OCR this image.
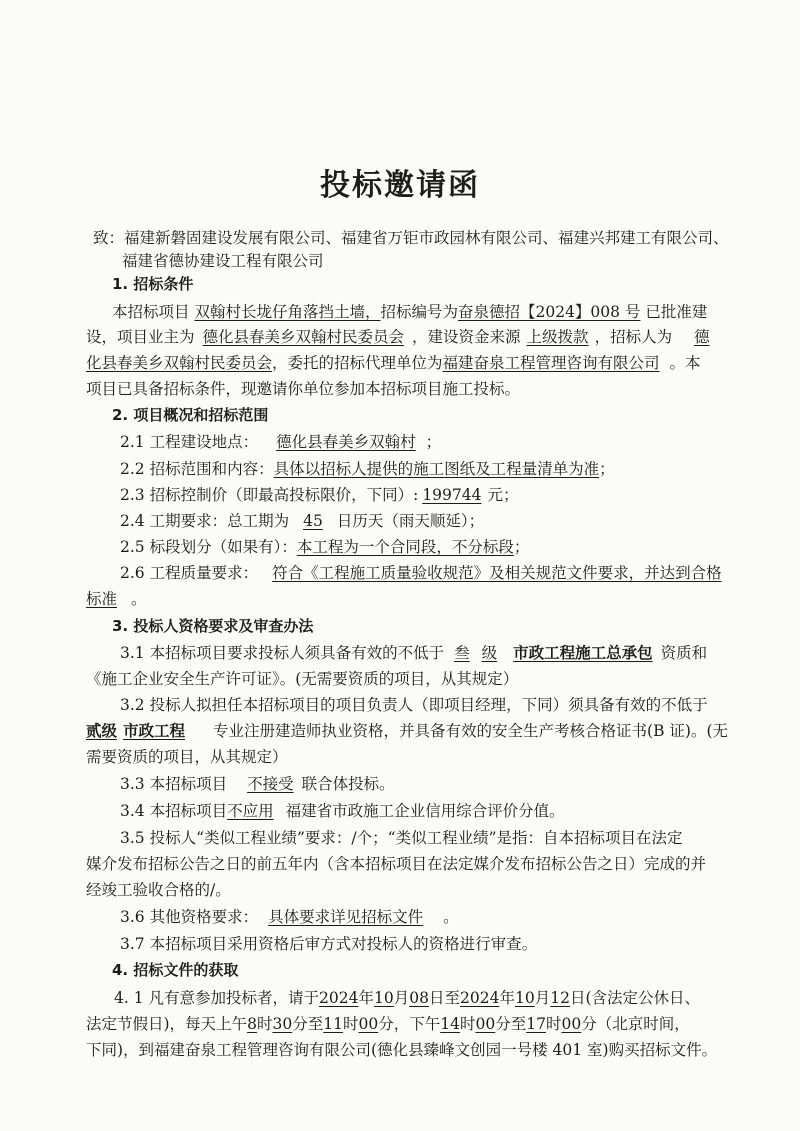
投标邀请函
致：福建新磐固建设发展有限公司、福建省万钜市政园林有限公司、福建兴邦建工有限公司、
福建省德协建设工程有限公司
1. 招标条件
本招标项目 双翰村长垅仔角落挡土墙，招标编号为奋泉德招【2024】008 号 已批准建
设，项目业主为 德化县春美乡双翰村民委员会 ，建设资金来源 上级拨款 ，招标人为 德
化县春美乡双翰村民委员会，委托的招标代理单位为福建奋泉工程管理咨询有限公司 。本
项目已具备招标条件，现邀请你单位参加本招标项目施工投标。
2. 项目概况和招标范围
2.1 工程建设地点： 德化县春美乡双翰村 ；
2.2 招标范围和内容：具体以招标人提供的施工图纸及工程量清单为准；
2.3 招标控制价（即最高投标限价，下同）: 199744 元；
2.4 工期要求：总工期为 45 日历天（雨天顺延）；
2.5 标段划分（如果有）：本工程为一个合同段，不分标段；
2.6 工程质量要求： 符合《工程施工质量验收规范》及相关规范文件要求，并达到合格
标准 。
3. 投标人资格要求及审查办法
3.1 本招标项目要求投标人须具备有效的不低于 叁 级 市政工程施工总承包 资质和
《施工企业安全生产许可证》。(无需要资质的项目，从其规定）
3.2 投标人拟担任本招标项目的项目负责人（即项目经理，下同）须具备有效的不低于
贰级 市政工程 专业注册建造师执业资格，并具备有效的安全生产考核合格证书(B 证)。(无
需要资质的项目，从其规定）
3.3 本招标项目 不接受 联合体投标。
3.4 本招标项目不应用 福建省市政施工企业信用综合评价分值。
3.5 投标人“类似工程业绩”要求：/个；“类似工程业绩”是指：自本招标项目在法定
媒介发布招标公告之日的前五年内（含本招标项目在法定媒介发布招标公告之日）完成的并
经竣工验收合格的/。
3.6 其他资格要求： 具体要求详见招标文件 。
3.7 本招标项目采用资格后审方式对投标人的资格进行审查。
4. 招标文件的获取
4. 1 凡有意参加投标者，请于2024年10月08日至2024年10月12日(含法定公休日、
法定节假日)，每天上午8时30分至11时00分，下午14时00分至17时00分（北京时间，
下同)，到福建奋泉工程管理咨询有限公司(德化县臻峰文创园一号楼 401 室)购买招标文件。
